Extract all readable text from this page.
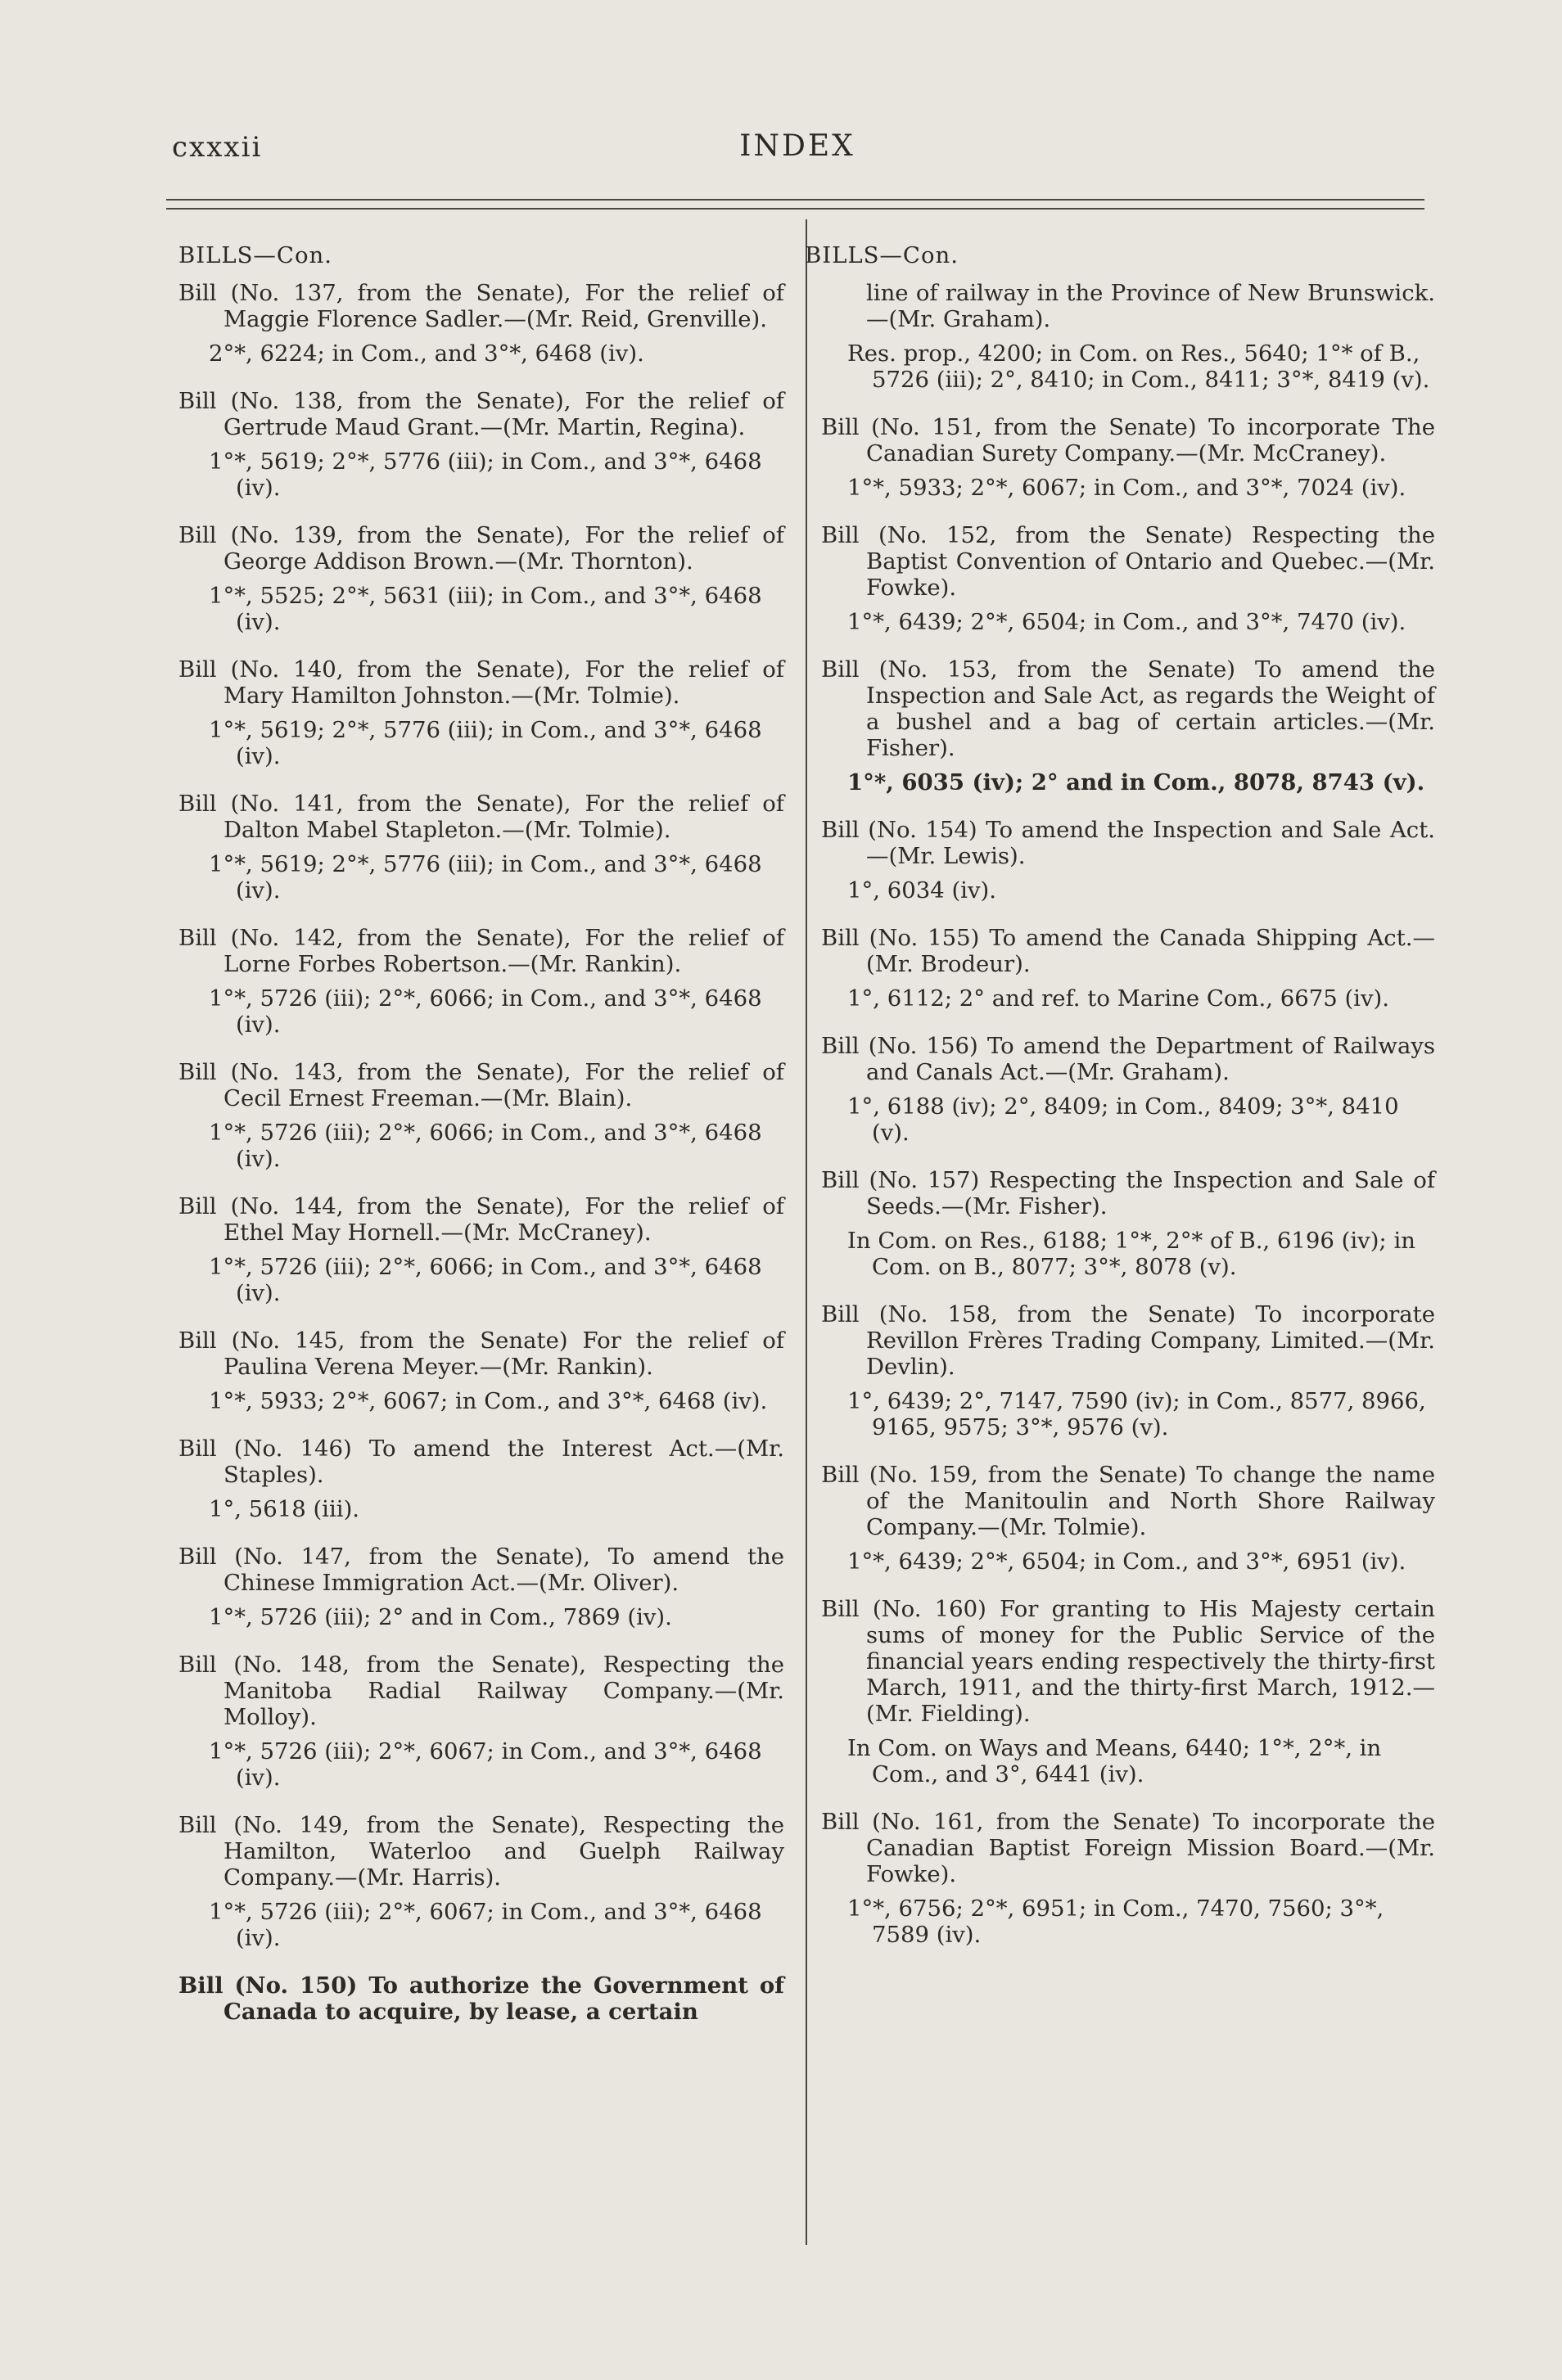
cxxxii	INDEX
BILLS—Con.
Bill (No. 137, from the Senate), For the relief of Maggie Florence Sadler.—(Mr. Reid, Grenville).
2°*, 6224; in Com., and 3°*, 6468 (iv).
Bill (No. 138, from the Senate), For the relief of Gertrude Maud Grant.—(Mr. Martin, Regina).
1°*, 5619; 2°*, 5776 (iii); in Com., and 3°*, 6468 (iv).
Bill (No. 139, from the Senate), For the relief of George Addison Brown.—(Mr. Thornton).
1°*, 5525; 2°*, 5631 (iii); in Com., and 3°*, 6468 (iv).
Bill (No. 140, from the Senate), For the relief of Mary Hamilton Johnston.—(Mr. Tolmie).
1°*, 5619; 2°*, 5776 (iii); in Com., and 3°*, 6468 (iv).
Bill (No. 141, from the Senate), For the relief of Dalton Mabel Stapleton.—(Mr. Tolmie).
1°*, 5619; 2°*, 5776 (iii); in Com., and 3°*, 6468 (iv).
Bill (No. 142, from the Senate), For the relief of Lorne Forbes Robertson.—(Mr. Rankin).
1°*, 5726 (iii); 2°*, 6066; in Com., and 3°*, 6468 (iv).
Bill (No. 143, from the Senate), For the relief of Cecil Ernest Freeman.—(Mr. Blain).
1°*, 5726 (iii); 2°*, 6066; in Com., and 3°*, 6468 (iv).
Bill (No. 144, from the Senate), For the relief of Ethel May Hornell.—(Mr. McCraney).
1°*, 5726 (iii); 2°*, 6066; in Com., and 3°*, 6468 (iv).
Bill (No. 145, from the Senate) For the relief of Paulina Verena Meyer.—(Mr. Rankin).
1°*, 5933; 2°*, 6067; in Com., and 3°*, 6468 (iv).
Bill (No. 146) To amend the Interest Act.—(Mr. Staples).
1°, 5618 (iii).
Bill (No. 147, from the Senate), To amend the Chinese Immigration Act.—(Mr. Oliver).
1°*, 5726 (iii); 2° and in Com., 7869 (iv).
Bill (No. 148, from the Senate), Respecting the Manitoba Radial Railway Company.—(Mr. Molloy).
1°*, 5726 (iii); 2°*, 6067; in Com., and 3°*, 6468 (iv).
Bill (No. 149, from the Senate), Respecting the Hamilton, Waterloo and Guelph Railway Company.—(Mr. Harris).
1°*, 5726 (iii); 2°*, 6067; in Com., and 3°*, 6468 (iv).
Bill (No. 150) To authorize the Government of Canada to acquire, by lease, a certain
BILLS—Con.
line of railway in the Province of New Brunswick.—(Mr. Graham).
Res. prop., 4200; in Com. on Res., 5640; 1°* of B., 5726 (iii); 2°, 8410; in Com., 8411; 3°*, 8419 (v).
Bill (No. 151, from the Senate) To incorporate The Canadian Surety Company.—(Mr. McCraney).
1°*, 5933; 2°*, 6067; in Com., and 3°*, 7024 (iv).
Bill (No. 152, from the Senate) Respecting the Baptist Convention of Ontario and Quebec.—(Mr. Fowke).
1°*, 6439; 2°*, 6504; in Com., and 3°*, 7470 (iv).
Bill (No. 153, from the Senate) To amend the Inspection and Sale Act, as regards the Weight of a bushel and a bag of certain articles.—(Mr. Fisher).
1°*, 6035 (iv); 2° and in Com., 8078, 8743 (v).
Bill (No. 154) To amend the Inspection and Sale Act.—(Mr. Lewis).
1°, 6034 (iv).
Bill (No. 155) To amend the Canada Shipping Act.—(Mr. Brodeur).
1°, 6112; 2° and ref. to Marine Com., 6675 (iv).
Bill (No. 156) To amend the Department of Railways and Canals Act.—(Mr. Graham).
1°, 6188 (iv); 2°, 8409; in Com., 8409; 3°*, 8410 (v).
Bill (No. 157) Respecting the Inspection and Sale of Seeds.—(Mr. Fisher).
In Com. on Res., 6188; 1°*, 2°* of B., 6196 (iv); in Com. on B., 8077; 3°*, 8078 (v).
Bill (No. 158, from the Senate) To incorporate Revillon Frères Trading Company, Limited.—(Mr. Devlin).
1°, 6439; 2°, 7147, 7590 (iv); in Com., 8577, 8966, 9165, 9575; 3°*, 9576 (v).
Bill (No. 159, from the Senate) To change the name of the Manitoulin and North Shore Railway Company.—(Mr. Tolmie).
1°*, 6439; 2°*, 6504; in Com., and 3°*, 6951 (iv).
Bill (No. 160) For granting to His Majesty certain sums of money for the Public Service of the financial years ending respectively the thirty-first March, 1911, and the thirty-first March, 1912.—(Mr. Fielding).
In Com. on Ways and Means, 6440; 1°*, 2°*, in Com., and 3°, 6441 (iv).
Bill (No. 161, from the Senate) To incorporate the Canadian Baptist Foreign Mission Board.—(Mr. Fowke).
1°*, 6756; 2°*, 6951; in Com., 7470, 7560; 3°*, 7589 (iv).
